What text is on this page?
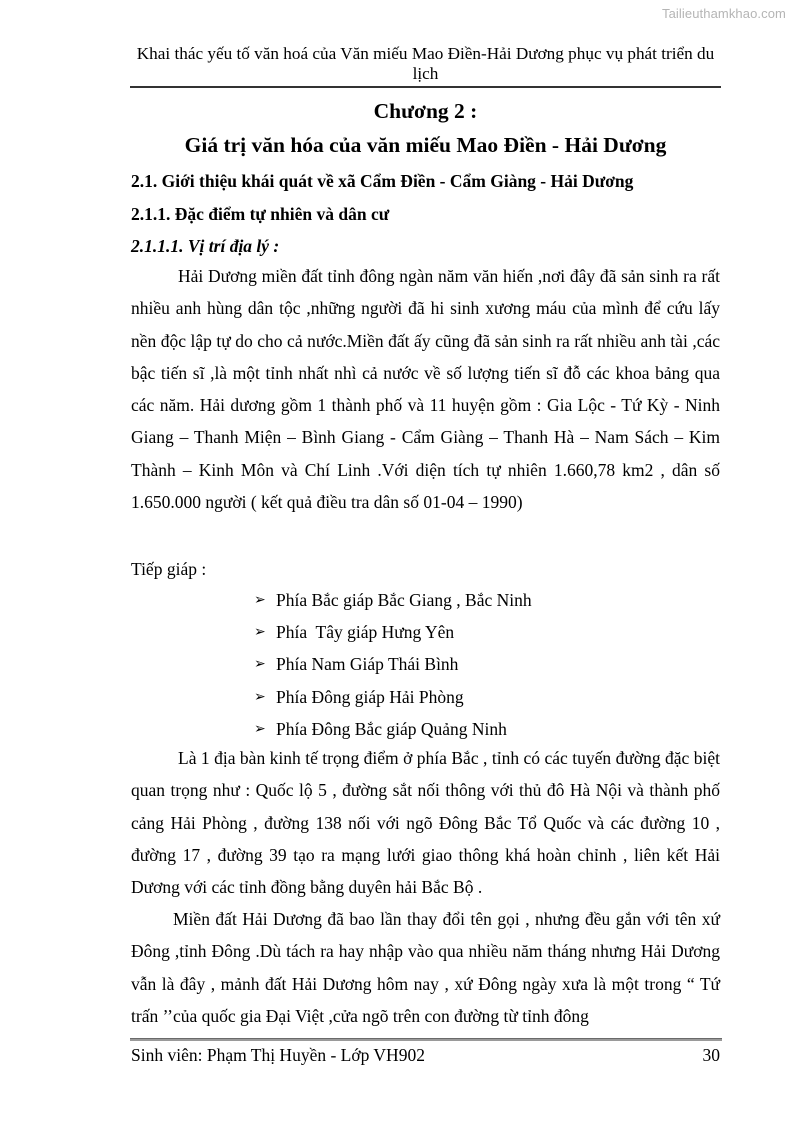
Tailieuthamkhao.com
Khai thác yếu tố văn hoá của Văn miếu Mao Điền-Hải Dương phục vụ phát triển du lịch
Chương 2 :
Giá trị văn hóa của văn miếu Mao Điền - Hải Dương
2.1. Giới thiệu khái quát về xã Cẩm Điền - Cẩm Giàng - Hải Dương
2.1.1. Đặc điểm tự nhiên và dân cư
2.1.1.1. Vị trí địa lý :

Hải Dương miền đất tỉnh đông ngàn năm văn hiến ,nơi đây đã sản sinh ra rất nhiều anh hùng dân tộc ,những người đã hi sinh xương máu của mình để cứu lấy nền độc lập tự do cho cả nước.Miền đất ấy cũng đã sản sinh ra rất nhiều anh tài ,các bậc tiến sĩ ,là một tỉnh nhất nhì cả nước về số lượng tiến sĩ đỗ các khoa bảng qua các năm. Hải dương gồm 1 thành phố và 11 huyện gồm : Gia Lộc - Tứ Kỳ - Ninh Giang – Thanh Miện – Bình Giang - Cẩm Giàng – Thanh Hà – Nam Sách – Kim Thành – Kinh Môn và Chí Linh .Với diện tích tự nhiên 1.660,78 km2 , dân số 1.650.000 người ( kết quả điều tra dân số 01-04 – 1990)

Tiếp giáp :
➢ Phía Bắc giáp Bắc Giang , Bắc Ninh
➢ Phía  Tây giáp Hưng Yên
➢ Phía Nam Giáp Thái Bình
➢ Phía Đông giáp Hải Phòng
➢ Phía Đông Bắc giáp Quảng Ninh

Là 1 địa bàn kinh tế trọng điểm ở phía Bắc , tỉnh có các tuyến đường đặc biệt quan trọng như : Quốc lộ 5 , đường sắt nối thông với thủ đô Hà Nội và thành phố cảng Hải Phòng , đường 138 nối với ngõ Đông Bắc Tổ Quốc và các đường 10 , đường 17 , đường 39 tạo ra mạng lưới giao thông khá hoàn chỉnh , liên kết Hải Dương với các tỉnh đồng bằng duyên hải Bắc Bộ .

Miền đất Hải Dương đã bao lần thay đổi tên gọi , nhưng đều gắn với tên xứ Đông ,tỉnh Đông .Dù tách ra hay nhập vào qua nhiều năm tháng nhưng Hải Dương vẫn là đây , mảnh đất Hải Dương hôm nay , xứ Đông ngày xưa là một trong “ Tứ trấn ’’của quốc gia Đại Việt ,cửa ngõ trên con đường từ tỉnh đông

Sinh viên: Phạm Thị Huyền - Lớp VH902	30
